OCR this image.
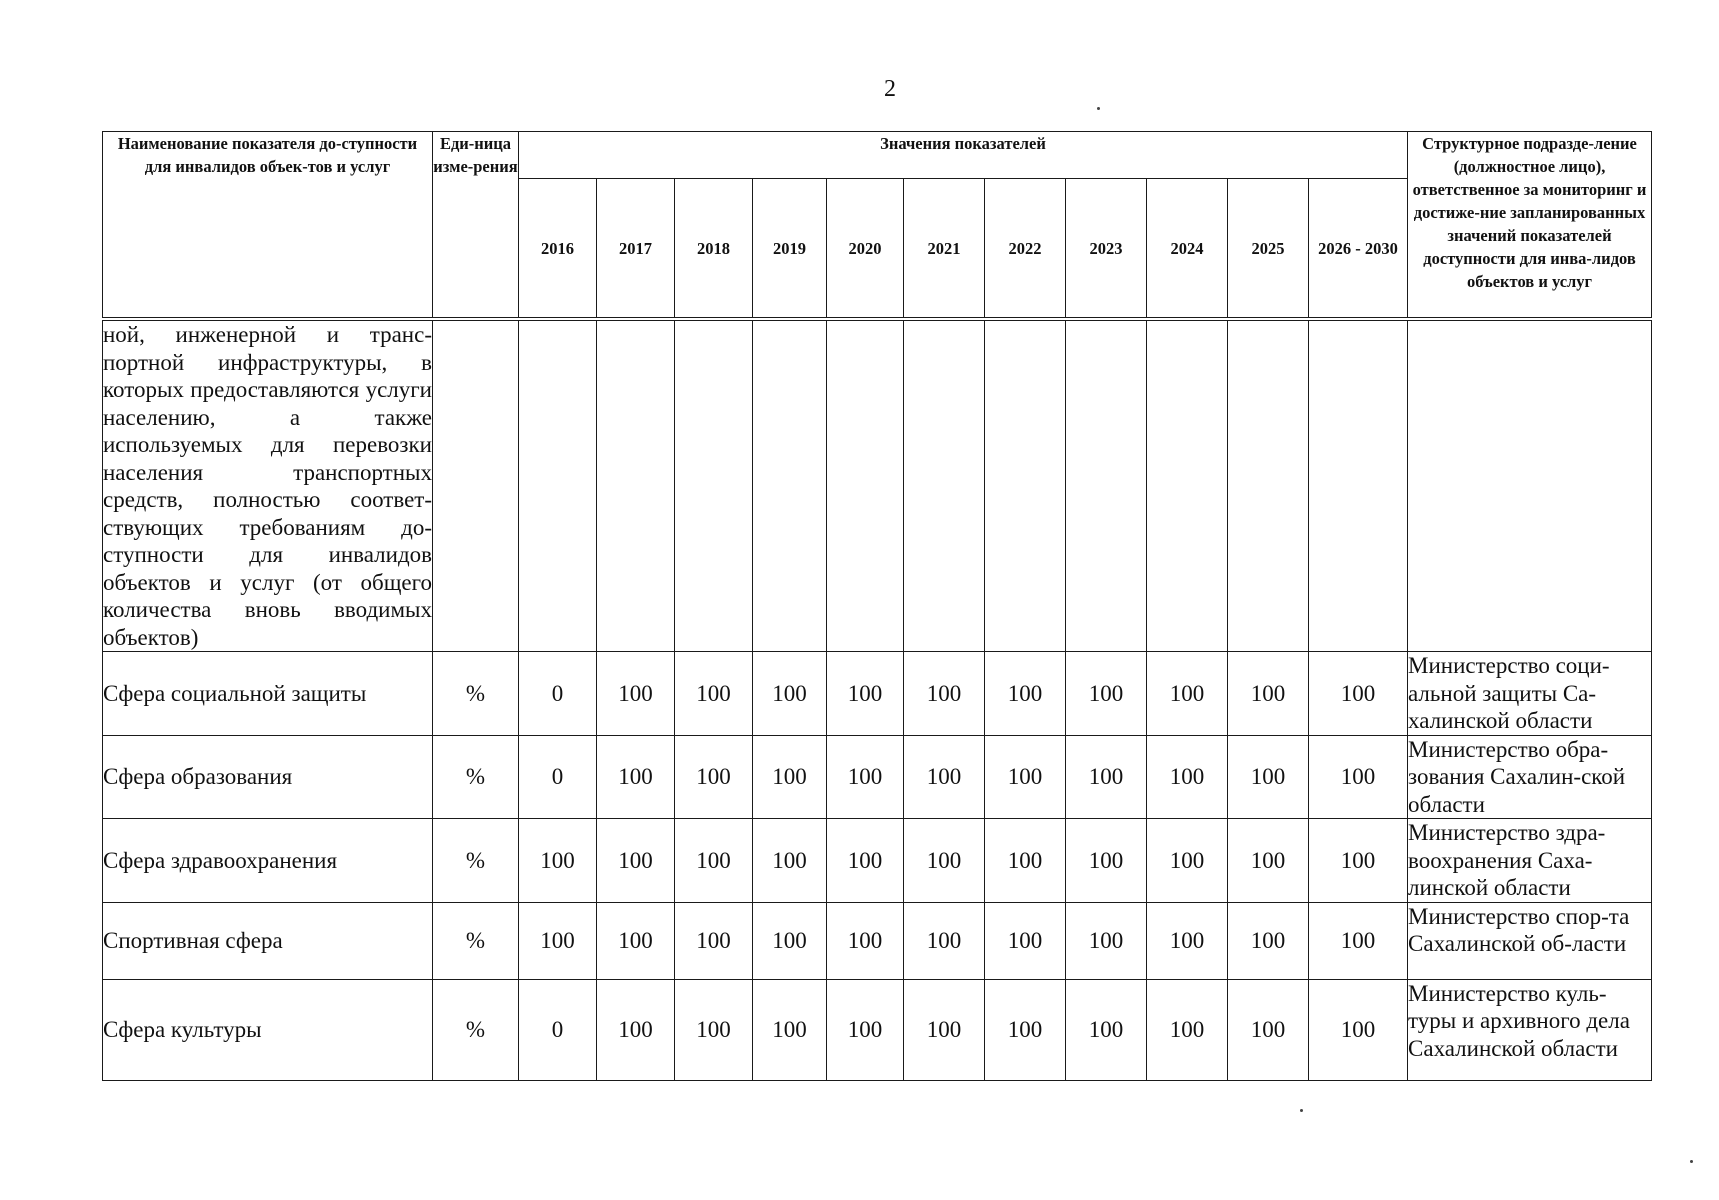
2
Наименование показателя до-ступности для инвалидов объек-тов и услуг	Еди-ница изме-рения	Значения показателей											Структурное подразде-ление (должностное лицо), ответственное за мониторинг и достиже-ние запланированных значений показателей доступности для инва-лидов объектов и услуг
		2016	2017	2018	2019	2020	2021	2022	2023	2024	2025	2026 - 2030	

ной, инженерной и транс-портной инфраструктуры, в которых предоставляются услуги населению, а также используемых для перевозки населения транспортных средств, полностью соответ-ствующих требованиям до-ступности для инвалидов объектов и услуг (от общего количества вновь вводимых объектов)													
Сфера социальной защиты	%	0	100	100	100	100	100	100	100	100	100	100	Министерство соци-альной защиты Са-халинской области
Сфера образования	%	0	100	100	100	100	100	100	100	100	100	100	Министерство обра-зования Сахалин-ской области
Сфера здравоохранения	%	100	100	100	100	100	100	100	100	100	100	100	Министерство здра-воохранения Саха-линской области
Спортивная сфера	%	100	100	100	100	100	100	100	100	100	100	100	Министерство спор-та Сахалинской об-ласти
Сфера культуры	%	0	100	100	100	100	100	100	100	100	100	100	Министерство куль-туры и архивного дела Сахалинской области
